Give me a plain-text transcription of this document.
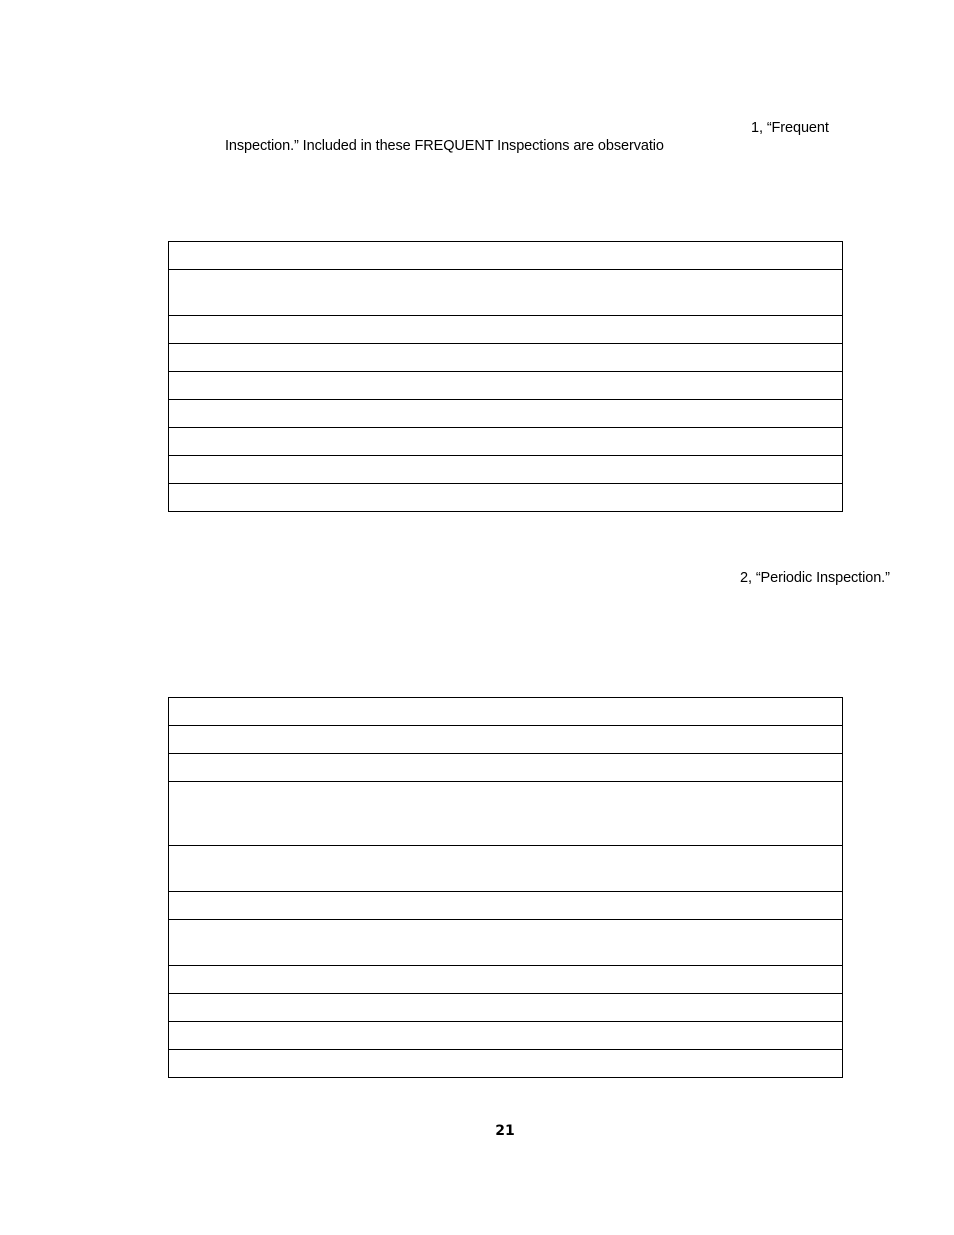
1, “Frequent
Inspection.” Included in these FREQUENT Inspections are observatio
2, “Periodic Inspection.”
21
